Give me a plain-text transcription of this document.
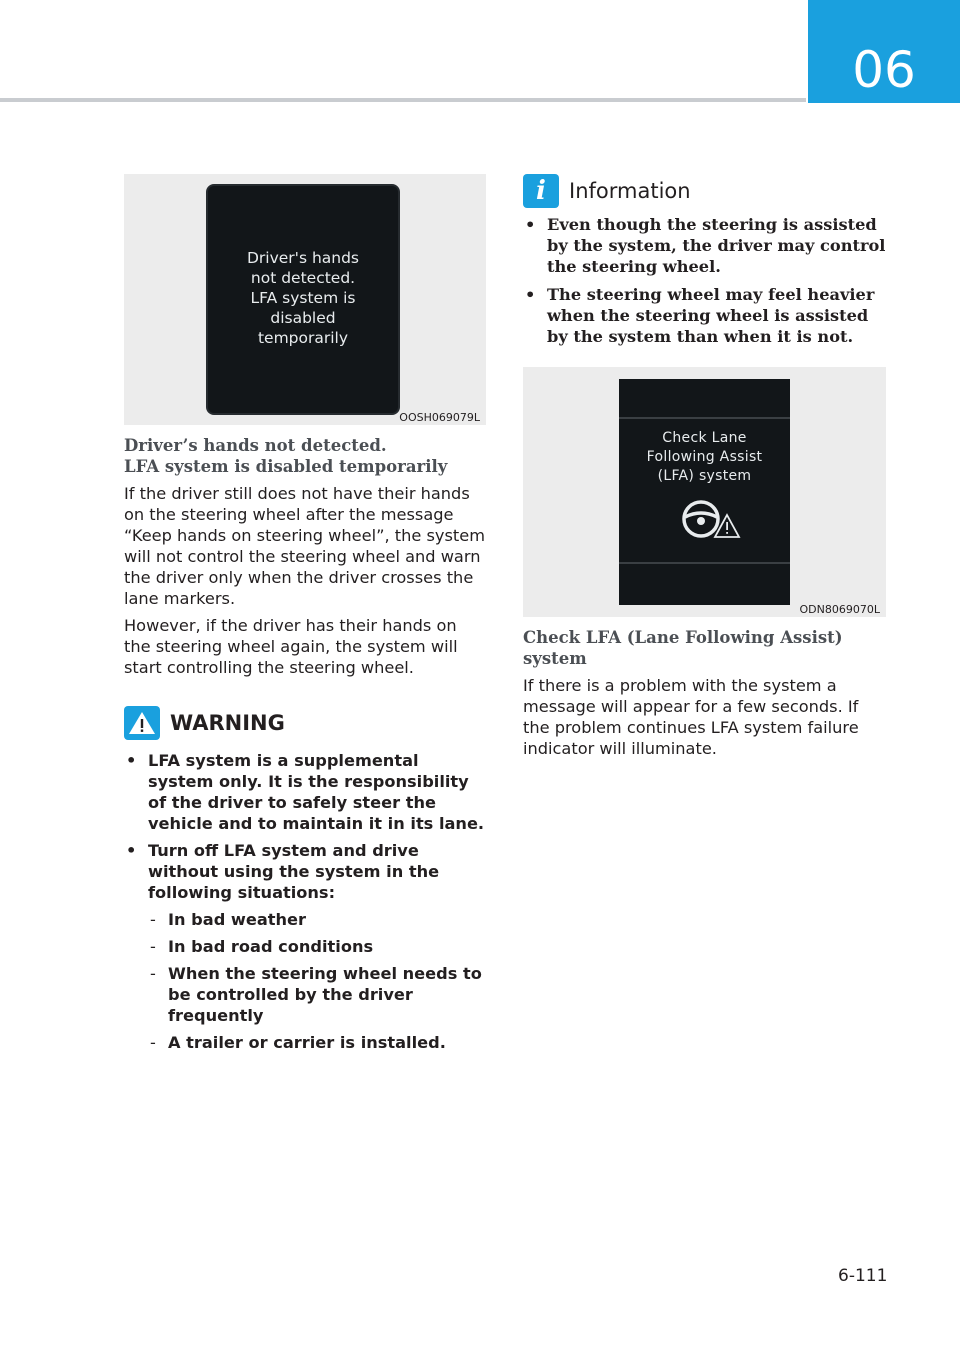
06
Driver's hands
not detected.
LFA system is
disabled
temporarily
OOSH069079L
Driver’s hands not detected.
LFA system is disabled temporarily

If the driver still does not have their hands on the steering wheel after the message “Keep hands on steering wheel”, the system will not control the steering wheel and warn the driver only when the driver crosses the lane markers.

However, if the driver has their hands on the steering wheel again, the system will start controlling the steering wheel.

WARNING
• LFA system is a supplemental system only. It is the responsibility of the driver to safely steer the vehicle and to maintain it in its lane.
• Turn off LFA system and drive without using the system in the following situations:
- In bad weather
- In bad road conditions
- When the steering wheel needs to be controlled by the driver frequently
- A trailer or carrier is installed.
i	Information
• Even though the steering is assisted by the system, the driver may control the steering wheel.
• The steering wheel may feel heavier when the steering wheel is assisted by the system than when it is not.
Check Lane
Following Assist
(LFA) system
ODN8069070L
Check LFA (Lane Following Assist) system

If there is a problem with the system a message will appear for a few seconds. If the problem continues LFA system failure indicator will illuminate.

6-111
